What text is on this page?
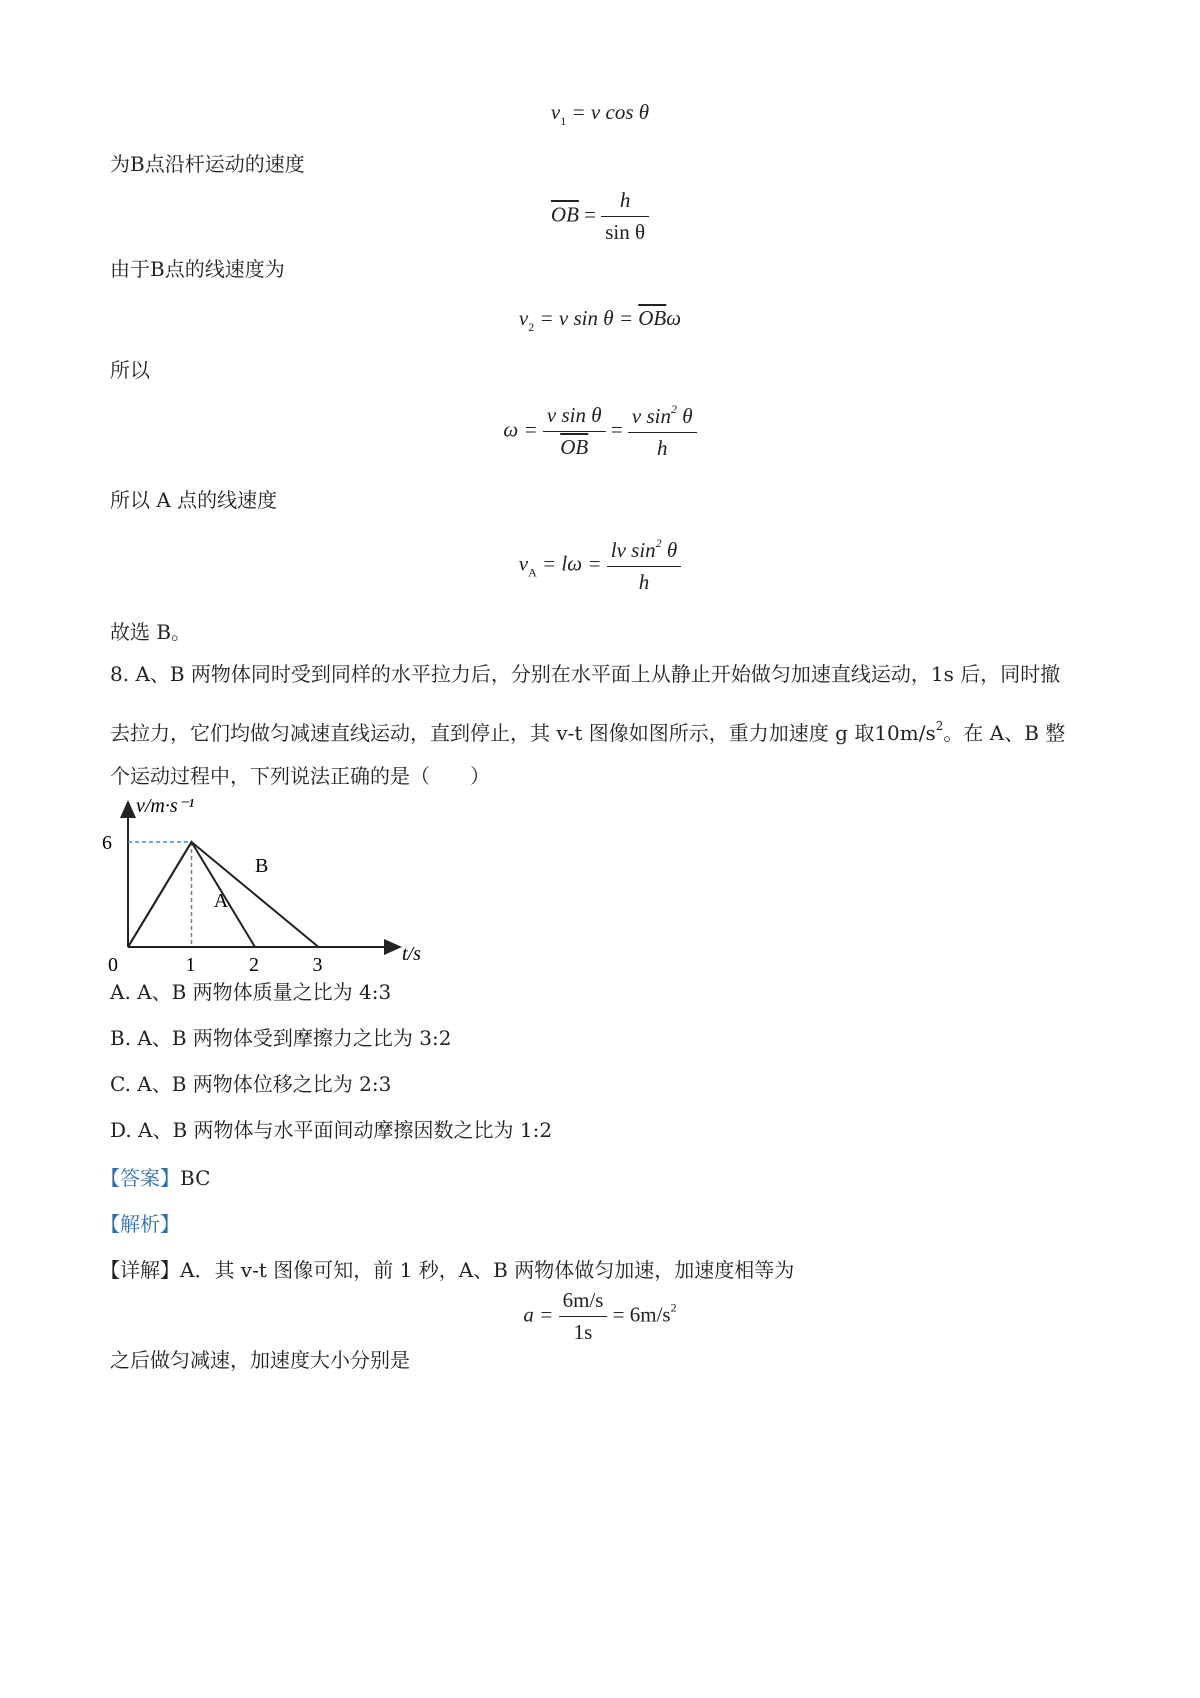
$v_1 = v$ cos θ
为B点沿杆运动的速度
$\overline{OB} = \frac{h}{\text{sin θ}}$
由于B点的线速度为
$v_2 = v$ $\sin \theta = \overline{OB}\omega$
所以
$\omega = \frac{\text{v sin θ}}{OB} = \frac{v \sin^2 \theta}{h}$
所以 A 点的线速度
$v_A = l\omega = \frac{lv \sin^2 \theta}{h}$
故选 B。
8. A、B 两物体同时受到同样的水平拉力后，分别在水平面上从静止开始做匀加速直线运动，1s 后，同时撤
去拉力，它们均做匀减速直线运动，直到停止，其 v-t 图像如图所示，重力加速度 g 取$10m/s^2$。在 A、B 整
个运动过程中，下列说法正确的是（　　）
A
B
0	1	2	3
6
v/m·s⁻¹
t/s
A. A、B 两物体质量之比为 4:3
B. A、B 两物体受到摩擦力之比为 3:2
C. A、B 两物体位移之比为 2:3
D. A、B 两物体与水平面间动摩擦因数之比为 1:2
【答案】BC
【解析】
【详解】A．其 v-t 图像可知，前 1 秒，A、B 两物体做匀加速，加速度相等为
$a = \frac{6m/s}{1s} = 6m/s^2$
之后做匀减速，加速度大小分别是
